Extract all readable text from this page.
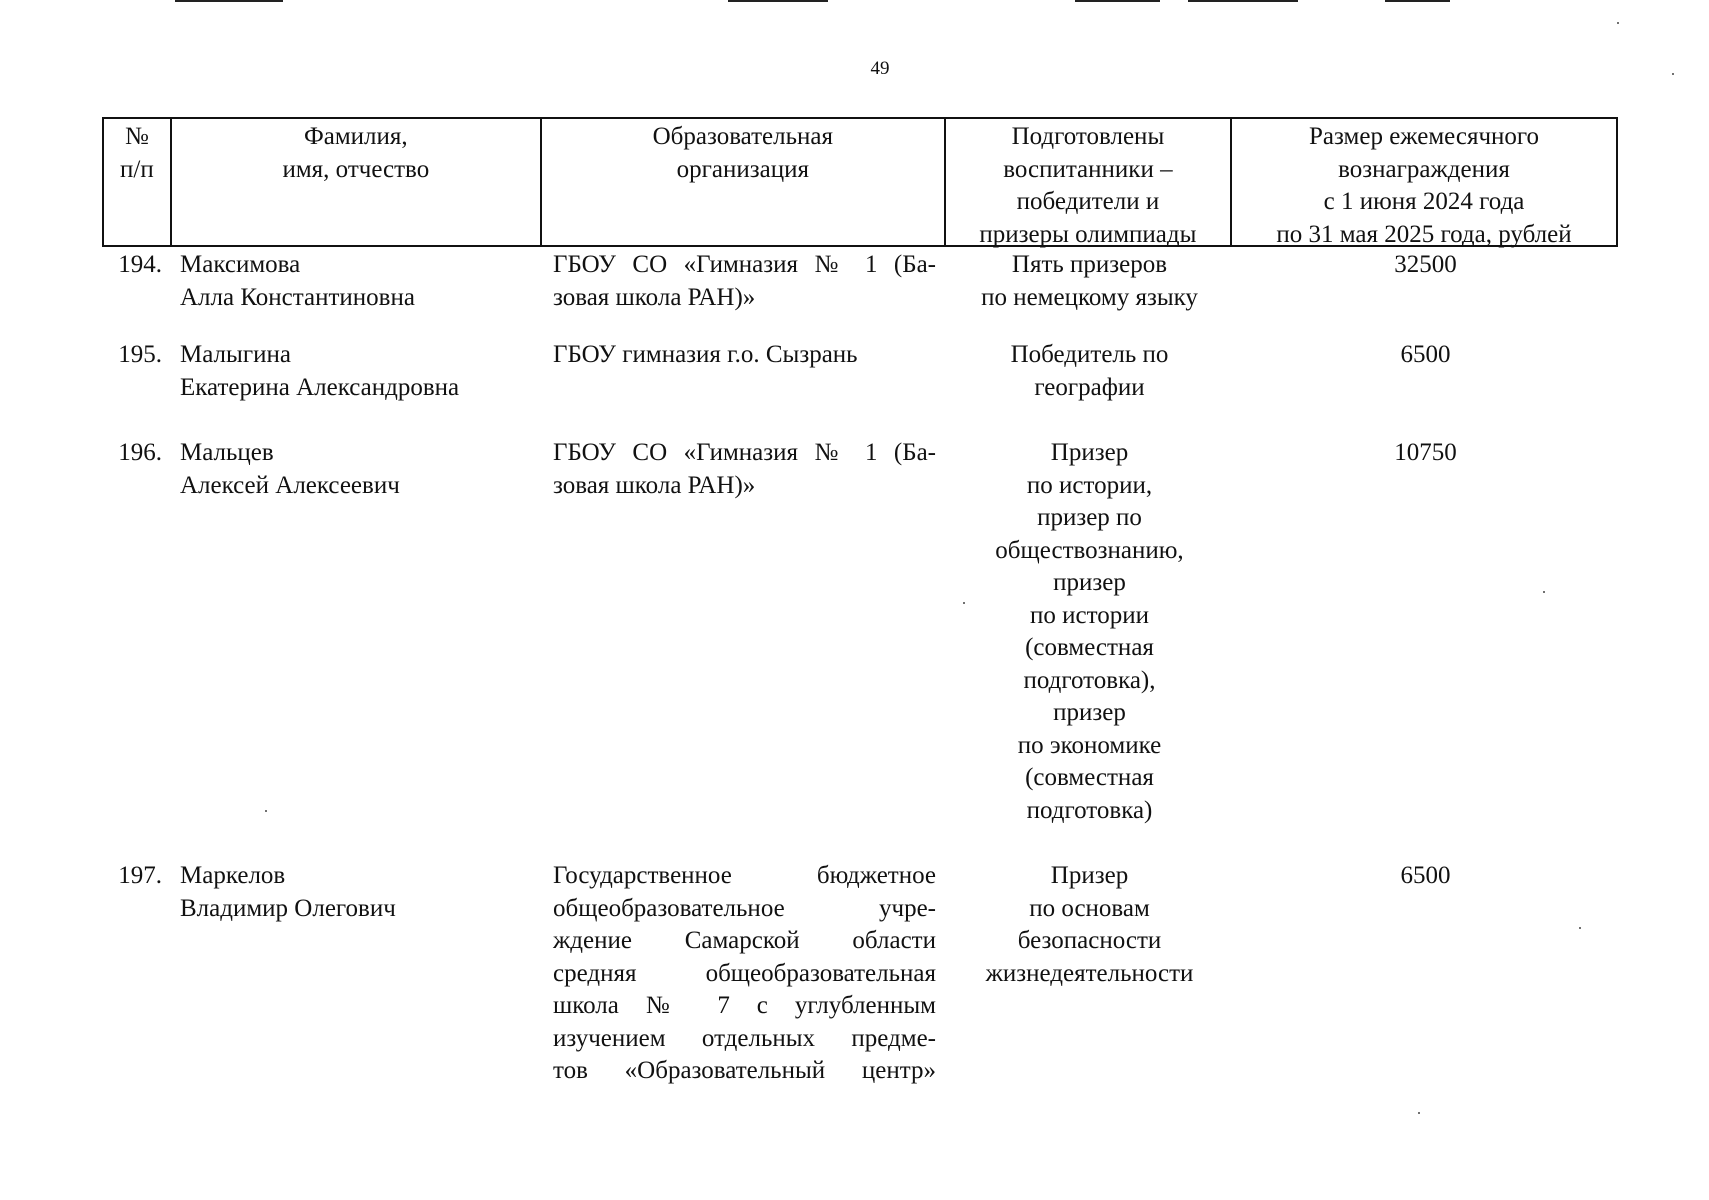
49
№
п/п
Фамилия,
имя, отчество
Образовательная
организация
Подготовлены
воспитанники –
победители и
призеры олимпиады
Размер ежемесячного
вознаграждения
с 1 июня 2024 года
по 31 мая 2025 года, рублей
194. Максимова
Алла Константиновна
ГБОУ СО «Гимназия № 1 (Ба-
зовая школа РАН)»
Пять призеров
по немецкому языку
32500
195. Малыгина
Екатерина Александровна
ГБОУ гимназия г.о. Сызрань	Победитель по
географии
6500
196. Мальцев
Алексей Алексеевич
ГБОУ СО «Гимназия № 1 (Ба-
зовая школа РАН)»
Призер
по истории,
призер по
обществознанию,
призер
по истории
(совместная
подготовка),
призер
по экономике
(совместная
подготовка)
10750
197. Маркелов
Владимир Олегович
Государственное бюджетное
общеобразовательное учре-
ждение Самарской области
средняя общеобразовательная
школа № 7 с углубленным
изучением отдельных предме-
тов «Образовательный центр»
Призер
по основам
безопасности
жизнедеятельности
6500
